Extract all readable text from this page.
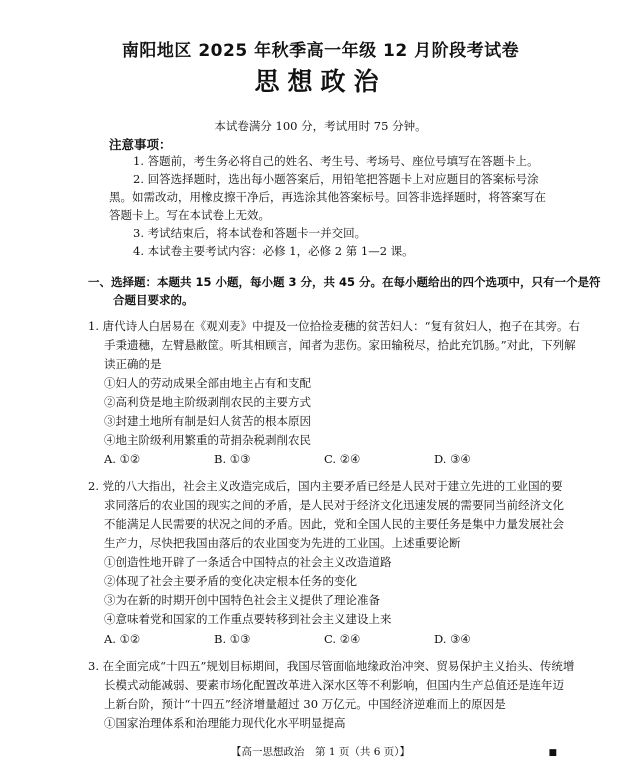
南阳地区 2025 年秋季高一年级 12 月阶段考试卷
思想政治
本试卷满分 100 分，考试用时 75 分钟。
注意事项：
1. 答题前，考生务必将自己的姓名、考生号、考场号、座位号填写在答题卡上。
2. 回答选择题时，选出每小题答案后，用铅笔把答题卡上对应题目的答案标号涂
黑。如需改动，用橡皮擦干净后，再选涂其他答案标号。回答非选择题时，将答案写在
答题卡上。写在本试卷上无效。
3. 考试结束后，将本试卷和答题卡一并交回。
4. 本试卷主要考试内容：必修 1，必修 2 第 1—2 课。
一、选择题：本题共 15 小题，每小题 3 分，共 45 分。在每小题给出的四个选项中，只有一个是符
合题目要求的。
1. 唐代诗人白居易在《观刈麦》中提及一位拾捡麦穗的贫苦妇人：“复有贫妇人，抱子在其旁。右
手秉遗穗，左臂悬敝筐。听其相顾言，闻者为悲伤。家田输税尽，拾此充饥肠。”对此，下列解
读正确的是
①妇人的劳动成果全部由地主占有和支配
②高利贷是地主阶级剥削农民的主要方式
③封建土地所有制是妇人贫苦的根本原因
④地主阶级利用繁重的苛捐杂税剥削农民
A. ①②	B. ①③	C. ②④	D. ③④
2. 党的八大指出，社会主义改造完成后，国内主要矛盾已经是人民对于建立先进的工业国的要
求同落后的农业国的现实之间的矛盾，是人民对于经济文化迅速发展的需要同当前经济文化
不能满足人民需要的状况之间的矛盾。因此，党和全国人民的主要任务是集中力量发展社会
生产力，尽快把我国由落后的农业国变为先进的工业国。上述重要论断
①创造性地开辟了一条适合中国特点的社会主义改造道路
②体现了社会主要矛盾的变化决定根本任务的变化
③为在新的时期开创中国特色社会主义提供了理论准备
④意味着党和国家的工作重点要转移到社会主义建设上来
A. ①②	B. ①③	C. ②④	D. ③④
3. 在全面完成“十四五”规划目标期间，我国尽管面临地缘政治冲突、贸易保护主义抬头、传统增
长模式动能减弱、要素市场化配置改革进入深水区等不利影响，但国内生产总值还是连年迈
上新台阶，预计“十四五”经济增量超过 30 万亿元。中国经济逆难而上的原因是
①国家治理体系和治理能力现代化水平明显提高
【高一思想政治　第 1 页（共 6 页）】	■
